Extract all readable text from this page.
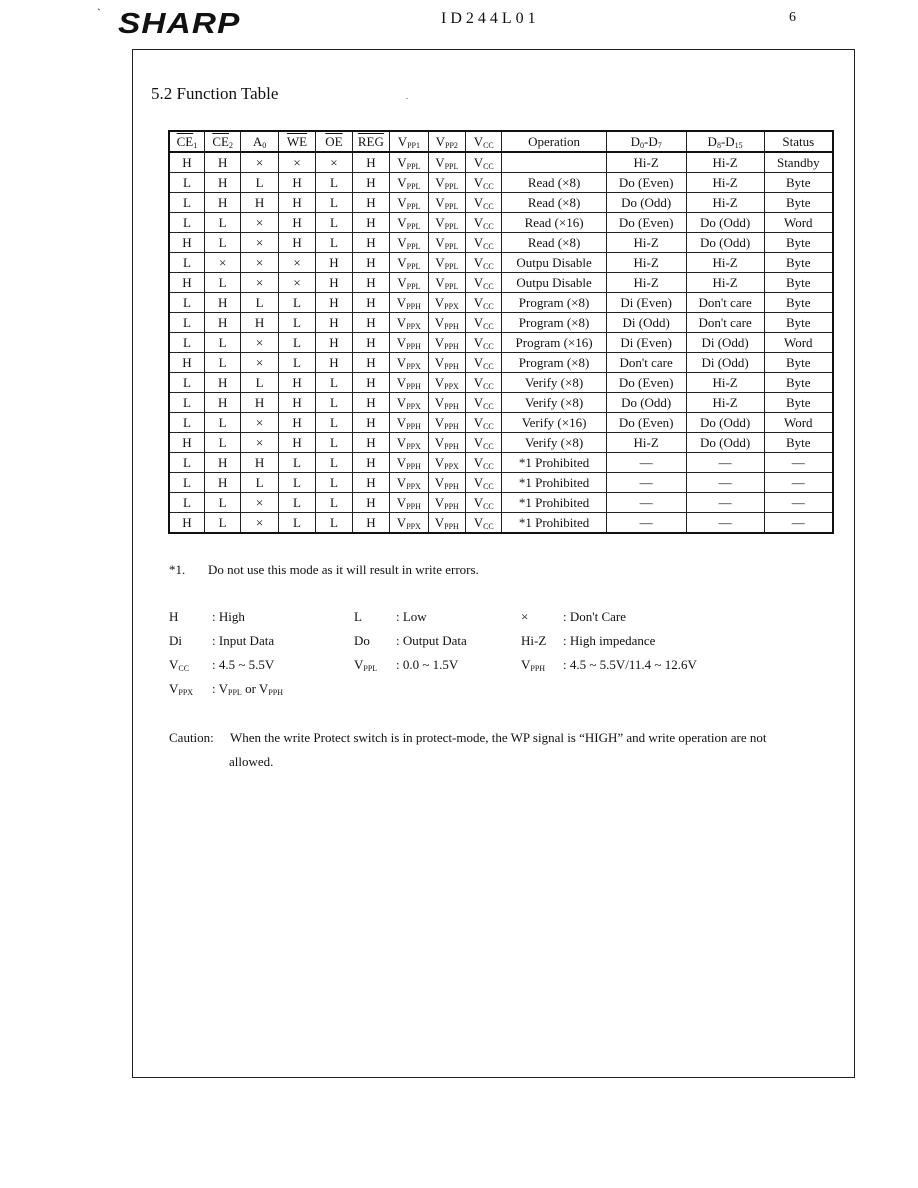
` SHARP	ID244L01	6
5.2 Function Table	.
$\overline{CE}_1$	$\overline{CE}_2$	$A_0$	$\overline{WE}$	$\overline{OE}$	$\overline{REG}$	$V_{PP1}$	$V_{PP2}$	$V_{CC}$	Operation	$D_0-D_7$	$D_8-D_{15}$	Status
H	H	×	×	×	H	$V_{PPL}$	$V_{PPL}$	$V_{CC}$		Hi-Z	Hi-Z	Standby
L	H	L	H	L	H	$V_{PPL}$	$V_{PPL}$	$V_{CC}$	Read (×8)	Do (Even)	Hi-Z	Byte
L	H	H	H	L	H	$V_{PPL}$	$V_{PPL}$	$V_{CC}$	Read (×8)	Do (Odd)	Hi-Z	Byte
L	L	×	H	L	H	$V_{PPL}$	$V_{PPL}$	$V_{CC}$	Read (×16)	Do (Even)	Do (Odd)	Word
H	L	×	H	L	H	$V_{PPL}$	$V_{PPL}$	$V_{CC}$	Read (×8)	Hi-Z	Do (Odd)	Byte
L	×	×	×	H	H	$V_{PPL}$	$V_{PPL}$	$V_{CC}$	Outpu Disable	Hi-Z	Hi-Z	Byte
H	L	×	×	H	H	$V_{PPL}$	$V_{PPL}$	$V_{CC}$	Outpu Disable	Hi-Z	Hi-Z	Byte
L	H	L	L	H	H	$V_{PPH}$	$V_{PPX}$	$V_{CC}$	Program (×8)	Di (Even)	Don't care	Byte
L	H	H	L	H	H	$V_{PPX}$	$V_{PPH}$	$V_{CC}$	Program (×8)	Di (Odd)	Don't care	Byte
L	L	×	L	H	H	$V_{PPH}$	$V_{PPH}$	$V_{CC}$	Program (×16)	Di (Even)	Di (Odd)	Word
H	L	×	L	H	H	$V_{PPX}$	$V_{PPH}$	$V_{CC}$	Program (×8)	Don't care	Di (Odd)	Byte
L	H	L	H	L	H	$V_{PPH}$	$V_{PPX}$	$V_{CC}$	Verify (×8)	Do (Even)	Hi-Z	Byte
L	H	H	H	L	H	$V_{PPX}$	$V_{PPH}$	$V_{CC}$	Verify (×8)	Do (Odd)	Hi-Z	Byte
L	L	×	H	L	H	$V_{PPH}$	$V_{PPH}$	$V_{CC}$	Verify (×16)	Do (Even)	Do (Odd)	Word
H	L	×	H	L	H	$V_{PPX}$	$V_{PPH}$	$V_{CC}$	Verify (×8)	Hi-Z	Do (Odd)	Byte
L	H	H	L	L	H	$V_{PPH}$	$V_{PPX}$	$V_{CC}$	*1 Prohibited	—	—	—
L	H	L	L	L	H	$V_{PPX}$	$V_{PPH}$	$V_{CC}$	*1 Prohibited	—	—	—
L	L	×	L	L	H	$V_{PPH}$	$V_{PPH}$	$V_{CC}$	*1 Prohibited	—	—	—
H	L	×	L	L	H	$V_{PPX}$	$V_{PPH}$	$V_{CC}$	*1 Prohibited	—	—	—
*1. Do not use this mode as it will result in write errors.
H	: High	L	: Low	×	: Don't Care
Di : Input Data	Do : Output Data	Hi-Z : High impedance
$V_{CC}$ : 4.5 ~ 5.5V	$V_{PPL}$ : 0.0 ~ 1.5V	$V_{PPH}$ : 4.5 ~ 5.5V/11.4 ~ 12.6V
$V_{PPX}$ : $V_{PPL}$ or $V_{PPH}$
Caution: When the write Protect switch is in protect-mode, the WP signal is “HIGH” and write operation are not
allowed.
